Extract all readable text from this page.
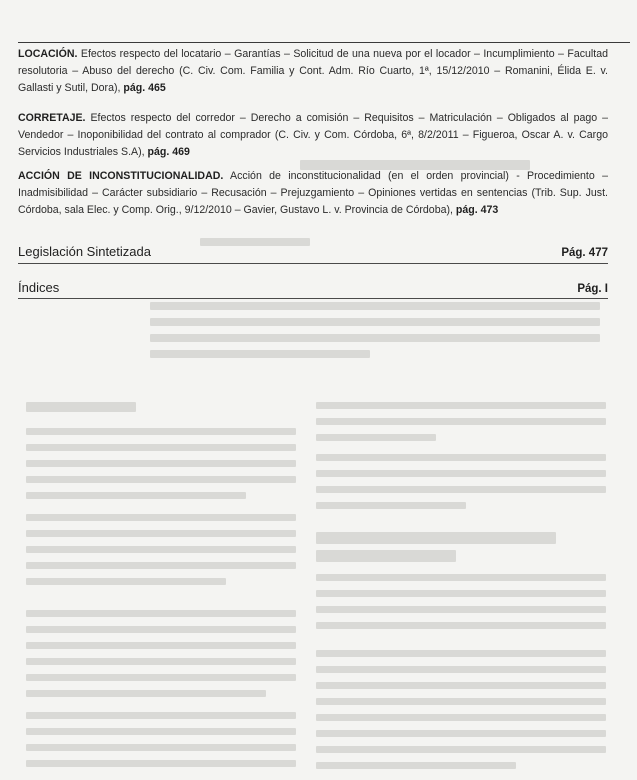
LOCACIÓN. Efectos respecto del locatario – Garantías – Solicitud de una nueva por el locador – Incumplimiento – Facultad resolutoria – Abuso del derecho (C. Civ. Com. Familia y Cont. Adm. Río Cuarto, 1ª, 15/12/2010 – Romanini, Élida E. v. Gallasti y Sutil, Dora), pág. 465

CORRETAJE. Efectos respecto del corredor – Derecho a comisión – Requisitos – Matriculación – Obligados al pago – Vendedor – Inoponibilidad del contrato al comprador (C. Civ. y Com. Córdoba, 6ª, 8/2/2011 – Figueroa, Oscar A. v. Cargo Servicios Industriales S.A), pág. 469

ACCIÓN DE INCONSTITUCIONALIDAD. Acción de inconstitucionalidad (en el orden provincial) - Procedimiento – Inadmisibilidad – Carácter subsidiario – Recusación – Prejuzgamiento – Opiniones vertidas en sentencias (Trib. Sup. Just. Córdoba, sala Elec. y Comp. Orig., 9/12/2010 – Gavier, Gustavo L. v. Provincia de Córdoba), pág. 473

Legislación Sintetizada	Pág. 477
Índices	Pág. I
